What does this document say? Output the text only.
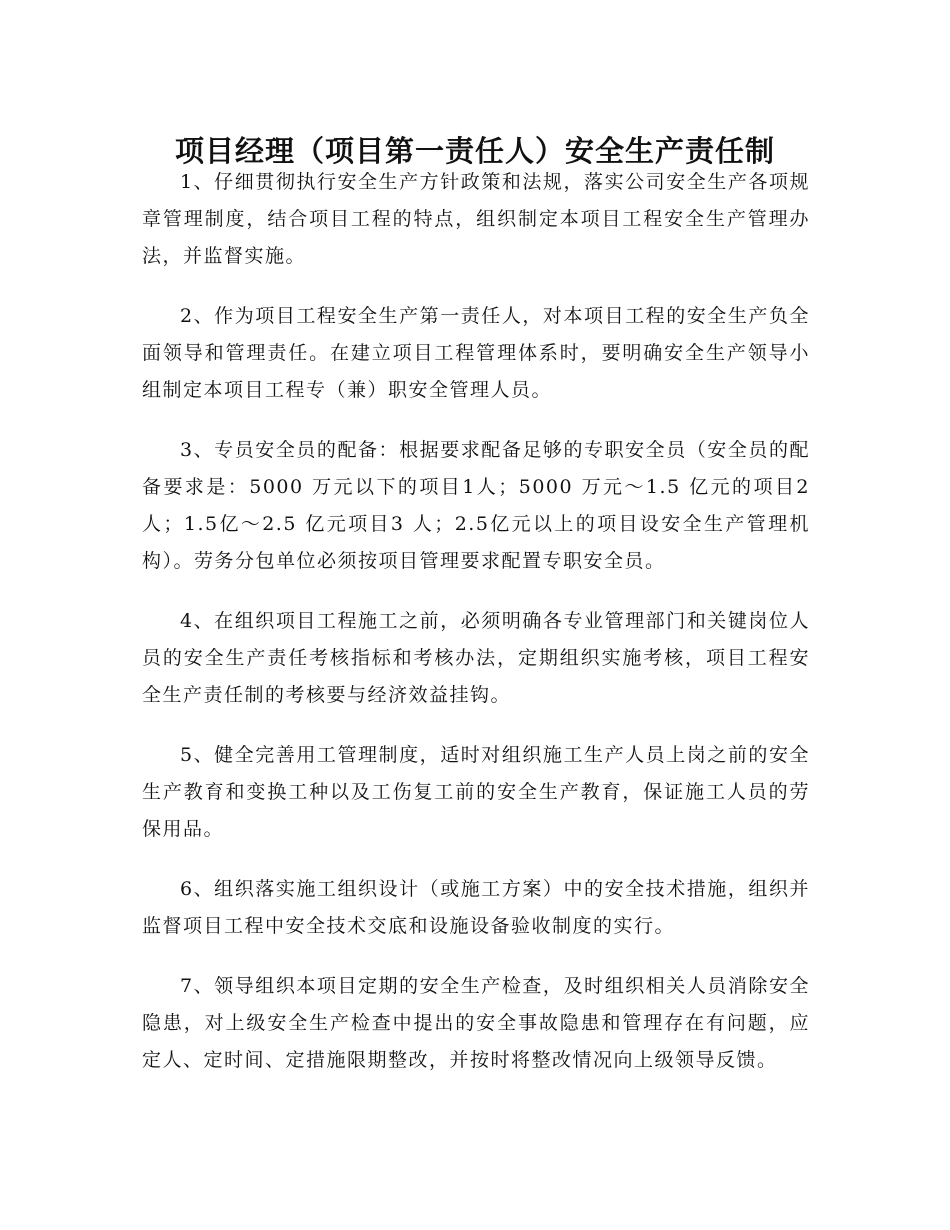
项目经理（项目第一责任人）安全生产责任制

1、仔细贯彻执行安全生产方针政策和法规，落实公司安全生产各项规章管理制度，结合项目工程的特点，组织制定本项目工程安全生产管理办法，并监督实施。

2、作为项目工程安全生产第一责任人，对本项目工程的安全生产负全面领导和管理责任。在建立项目工程管理体系时，要明确安全生产领导小组制定本项目工程专（兼）职安全管理人员。

3、专员安全员的配备：根据要求配备足够的专职安全员（安全员的配备要求是：5000 万元以下的项目1人；5000 万元～1.5 亿元的项目2 人；1.5亿～2.5 亿元项目3 人；2.5亿元以上的项目设安全生产管理机构）。劳务分包单位必须按项目管理要求配置专职安全员。

4、在组织项目工程施工之前，必须明确各专业管理部门和关键岗位人员的安全生产责任考核指标和考核办法，定期组织实施考核，项目工程安全生产责任制的考核要与经济效益挂钩。

5、健全完善用工管理制度，适时对组织施工生产人员上岗之前的安全生产教育和变换工种以及工伤复工前的安全生产教育，保证施工人员的劳保用品。

6、组织落实施工组织设计（或施工方案）中的安全技术措施，组织并监督项目工程中安全技术交底和设施设备验收制度的实行。

7、领导组织本项目定期的安全生产检查，及时组织相关人员消除安全隐患，对上级安全生产检查中提出的安全事故隐患和管理存在有问题，应定人、定时间、定措施限期整改，并按时将整改情况向上级领导反馈。
